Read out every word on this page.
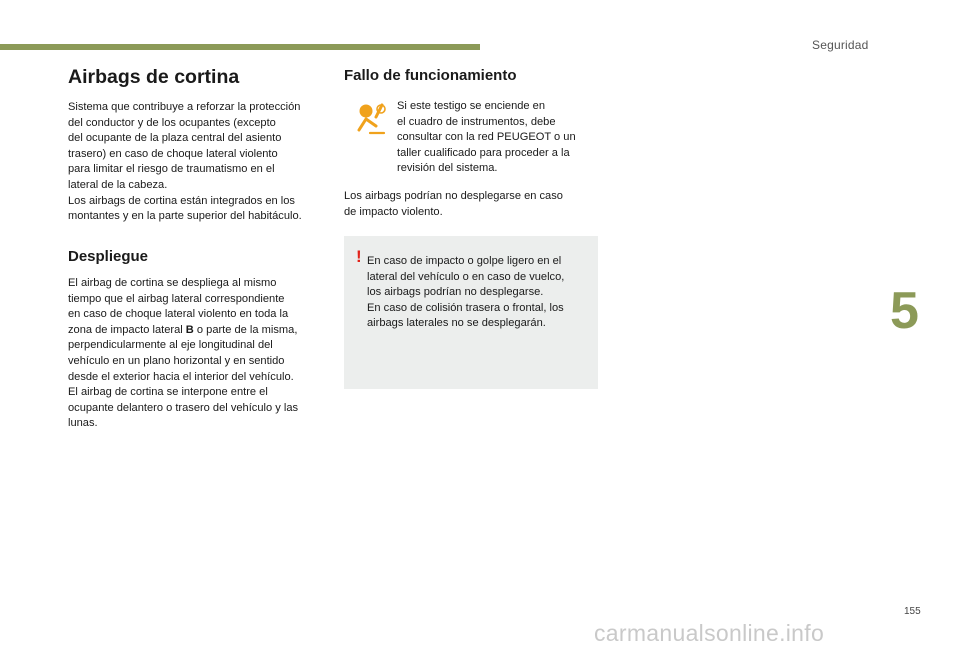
Seguridad
5
Airbags de cortina

Sistema que contribuye a reforzar la protección
del conductor y de los ocupantes (excepto
del ocupante de la plaza central del asiento
trasero) en caso de choque lateral violento
para limitar el riesgo de traumatismo en el
lateral de la cabeza.
Los airbags de cortina están integrados en los
montantes y en la parte superior del habitáculo.

Despliegue

El airbag de cortina se despliega al mismo
tiempo que el airbag lateral correspondiente
en caso de choque lateral violento en toda la
zona de impacto lateral B o parte de la misma,
perpendicularmente al eje longitudinal del
vehículo en un plano horizontal y en sentido
desde el exterior hacia el interior del vehículo.
El airbag de cortina se interpone entre el
ocupante delantero o trasero del vehículo y las
lunas.

Fallo de funcionamiento

Si este testigo se enciende en
el cuadro de instrumentos, debe
consultar con la red PEUGEOT o un
taller cualificado para proceder a la
revisión del sistema.

Los airbags podrían no desplegarse en caso
de impacto violento.

! En caso de impacto o golpe ligero en el
lateral del vehículo o en caso de vuelco,
los airbags podrían no desplegarse.
En caso de colisión trasera o frontal, los
airbags laterales no se desplegarán.

155
carmanualsonline.info
